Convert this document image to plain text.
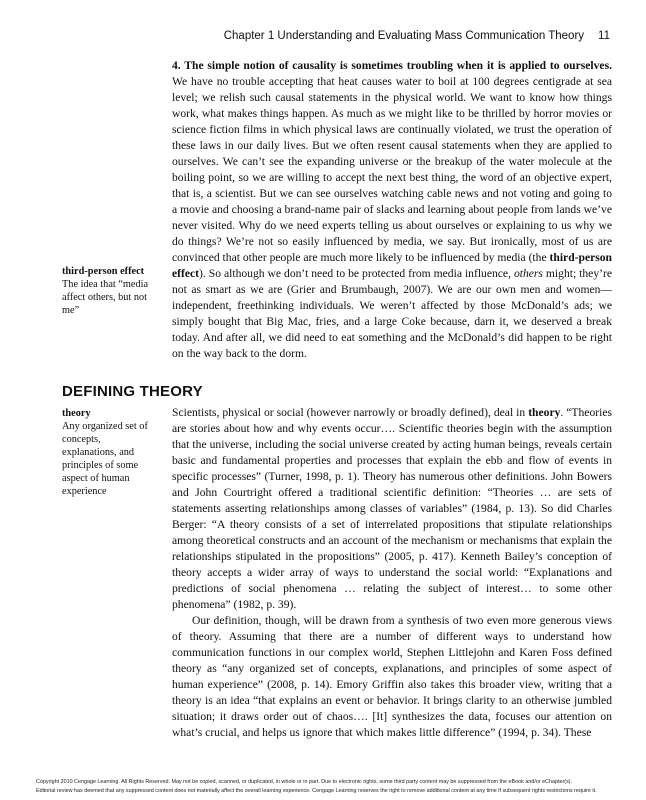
Chapter 1 Understanding and Evaluating Mass Communication Theory 11

4. The simple notion of causality is sometimes troubling when it is applied to ourselves. We have no trouble accepting that heat causes water to boil at 100 degrees centigrade at sea level; we relish such causal statements in the physical world. We want to know how things work, what makes things happen. As much as we might like to be thrilled by horror movies or science fiction films in which physical laws are continually violated, we trust the operation of these laws in our daily lives. But we often resent causal statements when they are applied to ourselves. We can’t see the expanding universe or the breakup of the water molecule at the boiling point, so we are willing to accept the next best thing, the word of an objective expert, that is, a scientist. But we can see ourselves watching cable news and not voting and going to a movie and choosing a brand-name pair of slacks and learning about people from lands we’ve never visited. Why do we need experts telling us about ourselves or explaining to us why we do things? We’re not so easily influenced by media, we say. But ironically, most of us are convinced that other people are much more likely to be influenced by media (the third-person effect). So although we don’t need to be protected from media influence, others might; they’re not as smart as we are (Grier and Brumbaugh, 2007). We are our own men and women—independent, freethinking individuals. We weren’t affected by those McDonald’s ads; we simply bought that Big Mac, fries, and a large Coke because, darn it, we deserved a break today. And after all, we did need to eat something and the McDonald’s did happen to be right on the way back to the dorm.

third-person effect
The idea that “media affect others, but not me”
DEFINING THEORY
theory
Any organized set of concepts, explanations, and principles of some aspect of human experience

Scientists, physical or social (however narrowly or broadly defined), deal in theory. “Theories are stories about how and why events occur…. Scientific theories begin with the assumption that the universe, including the social universe created by acting human beings, reveals certain basic and fundamental properties and processes that explain the ebb and flow of events in specific processes” (Turner, 1998, p. 1). Theory has numerous other definitions. John Bowers and John Courtright offered a traditional scientific definition: “Theories … are sets of statements asserting relationships among classes of variables” (1984, p. 13). So did Charles Berger: “A theory consists of a set of interrelated propositions that stipulate relationships among theoretical constructs and an account of the mechanism or mechanisms that explain the relationships stipulated in the propositions” (2005, p. 417). Kenneth Bailey’s conception of theory accepts a wider array of ways to understand the social world: “Explanations and predictions of social phenomena … relating the subject of interest… to some other phenomena” (1982, p. 39).

Our definition, though, will be drawn from a synthesis of two even more generous views of theory. Assuming that there are a number of different ways to understand how communication functions in our complex world, Stephen Littlejohn and Karen Foss defined theory as “any organized set of concepts, explanations, and principles of some aspect of human experience” (2008, p. 14). Emory Griffin also takes this broader view, writing that a theory is an idea “that explains an event or behavior. It brings clarity to an otherwise jumbled situation; it draws order out of chaos…. [It] synthesizes the data, focuses our attention on what’s crucial, and helps us ignore that which makes little difference” (1994, p. 34). These

Copyright 2010 Cengage Learning. All Rights Reserved. May not be copied, scanned, or duplicated, in whole or in part. Due to electronic rights, some third party content may be suppressed from the eBook and/or eChapter(s).
Editorial review has deemed that any suppressed content does not materially affect the overall learning experience. Cengage Learning reserves the right to remove additional content at any time if subsequent rights restrictions require it.
